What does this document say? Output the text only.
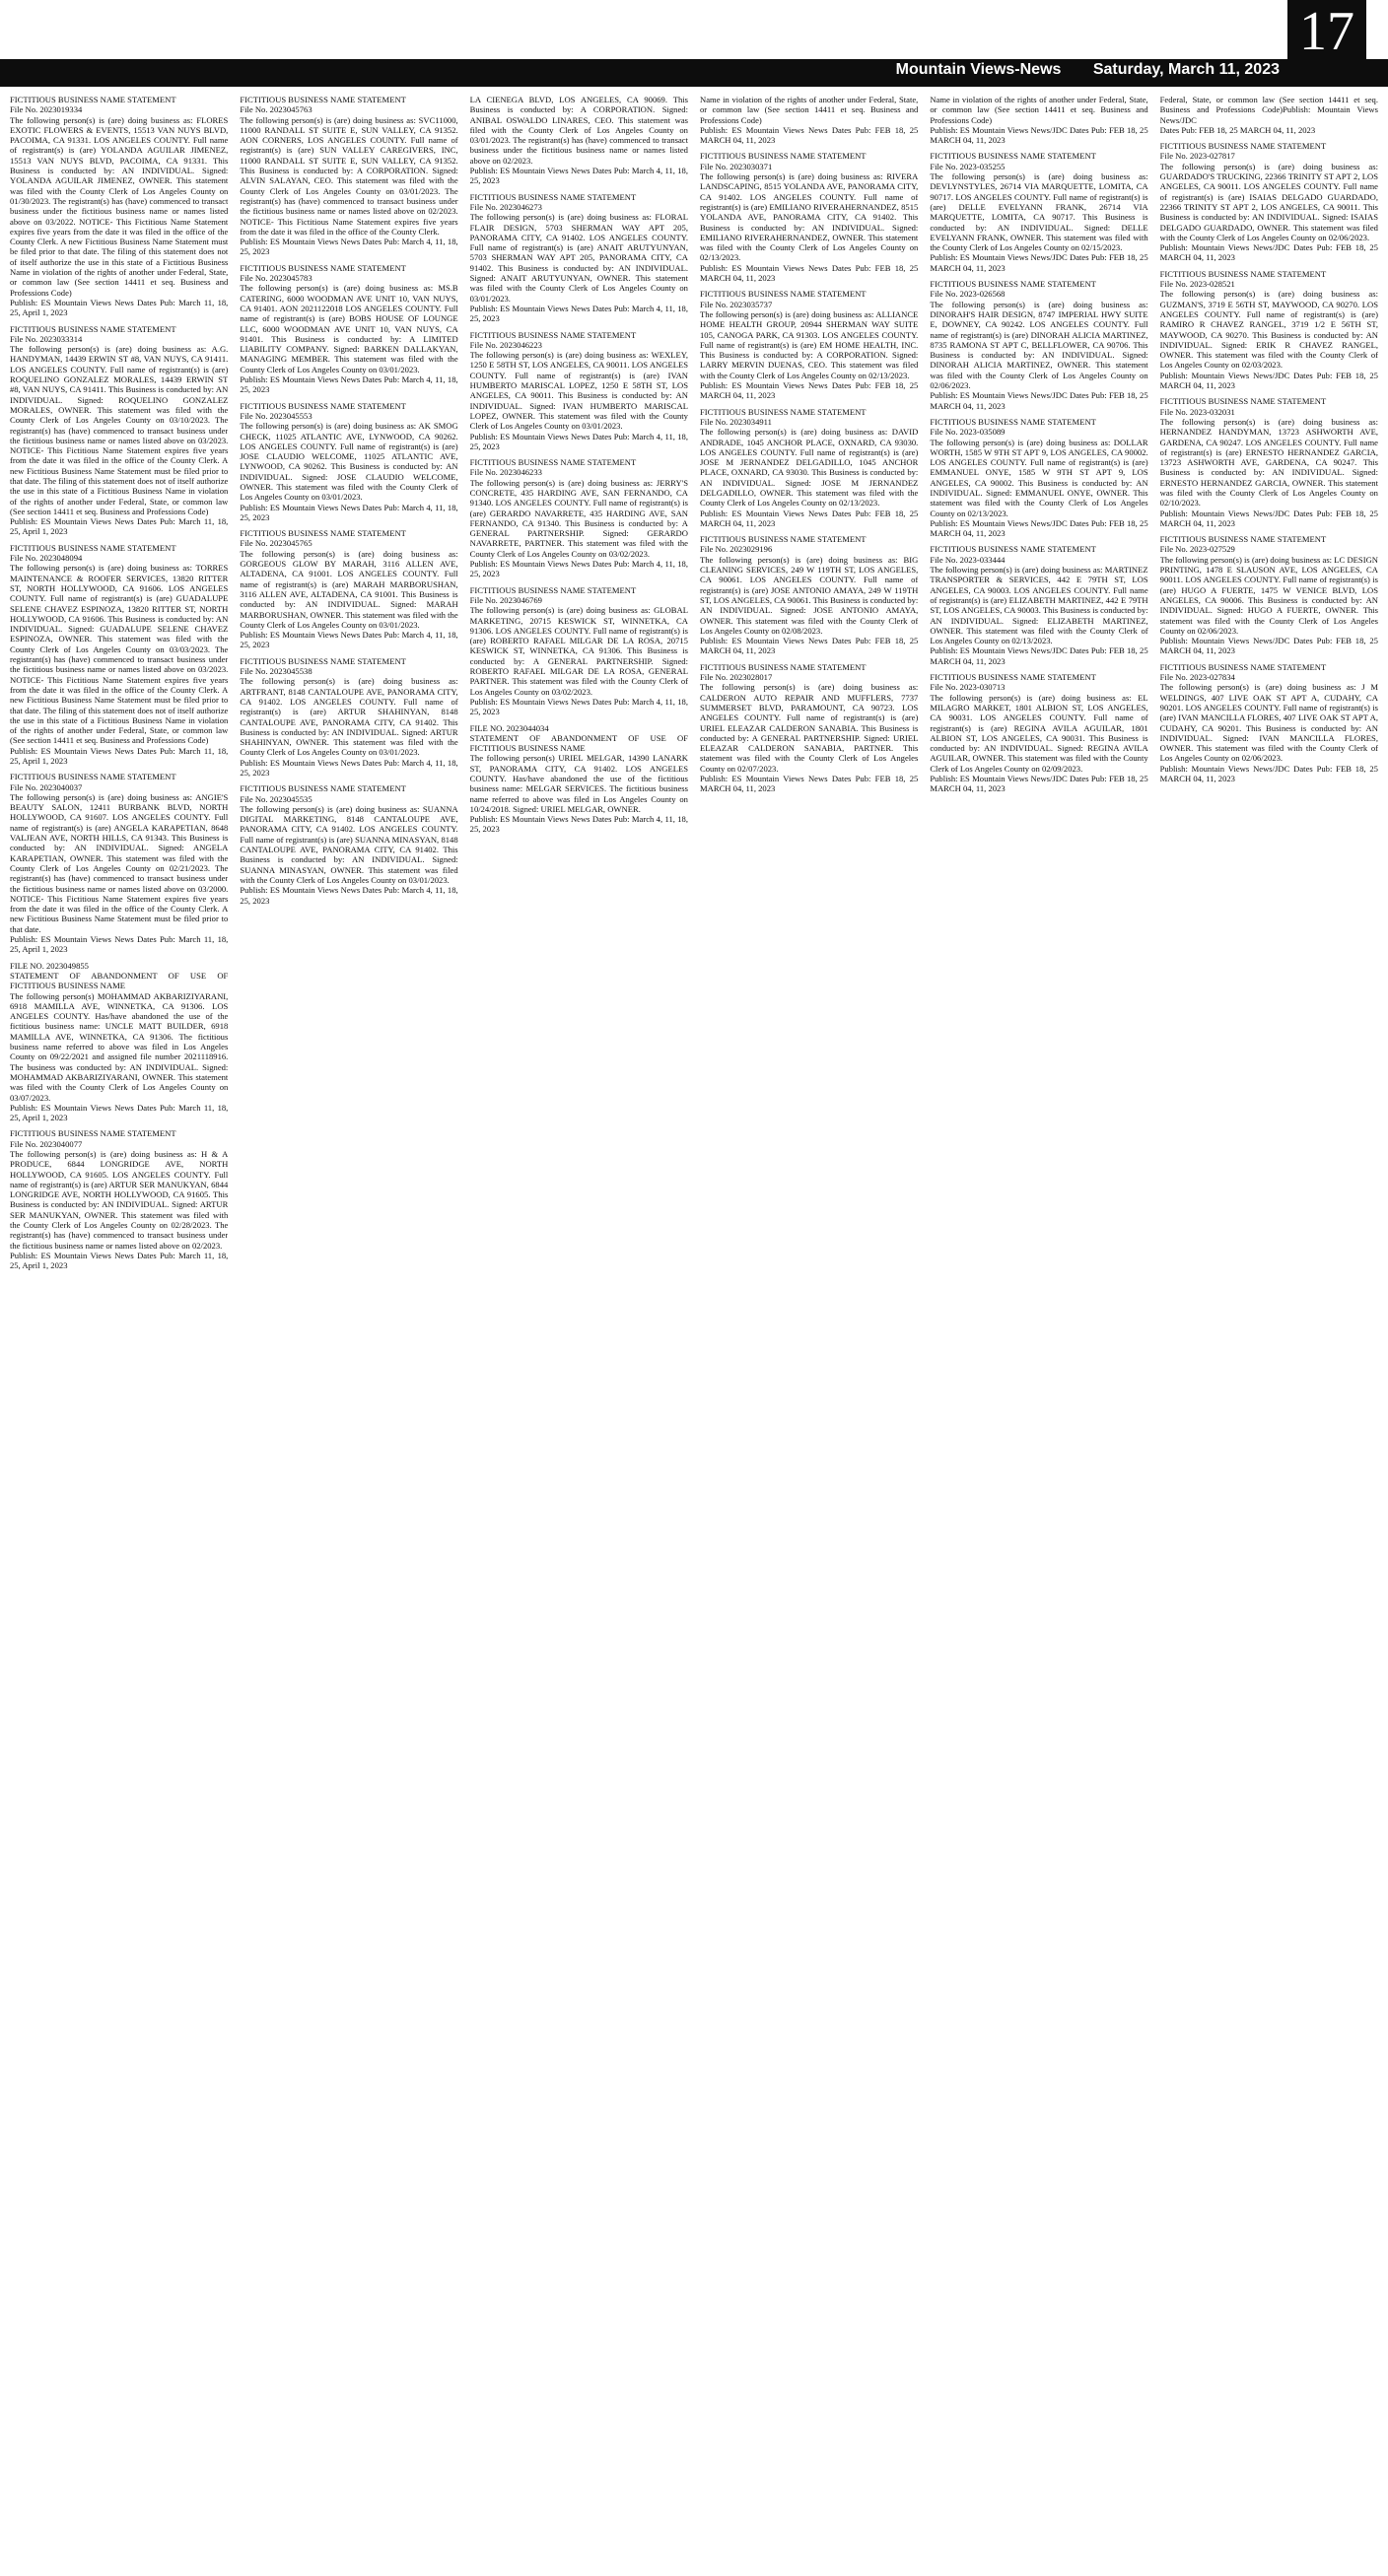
Mountain Views-News Saturday, March 11, 2023
17
FICTITIOUS BUSINESS NAME STATEMENT
File No. 2023019334
The following person(s) is (are) doing business as: FLORES EXOTIC FLOWERS & EVENTS, 15513 VAN NUYS BLVD, PACOIMA, CA 91331. LOS ANGELES COUNTY. Full name of registrant(s) is (are) YOLANDA AGUILAR JIMENEZ, 15513 VAN NUYS BLVD, PACOIMA, CA 91331. This Business is conducted by: AN INDIVIDUAL. Signed: YOLANDA AGUILAR JIMENEZ, OWNER. This statement was filed with the County Clerk of Los Angeles County on 01/30/2023. The registrant(s) has (have) commenced to transact business under the fictitious business name or names listed above on 03/2022. NOTICE- This Fictitious Name Statement expires five years from the date it was filed in the office of the County Clerk. A new Fictitious Business Name Statement must be filed prior to that date. The filing of this statement does not of itself authorize the use in this state of a Fictitious Business Name in violation of the rights of another under Federal, State, or common law (See section 14411 et seq. Business and Professions Code)
Publish: ES Mountain Views News Dates Pub: March 11, 18, 25, April 1, 2023
FICTITIOUS BUSINESS NAME STATEMENT
File No. 2023033314
The following person(s) is (are) doing business as: A.G. HANDYMAN, 14439 ERWIN ST #8, VAN NUYS, CA 91411. LOS ANGELES COUNTY. Full name of registrant(s) is (are) ROQUELINO GONZALEZ MORALES, 14439 ERWIN ST #8, VAN NUYS, CA 91411. This Business is conducted by: AN INDIVIDUAL. Signed: ROQUELINO GONZALEZ MORALES, OWNER. This statement was filed with the County Clerk of Los Angeles County on 03/10/2023. The registrant(s) has (have) commenced to transact business under the fictitious business name or names listed above on 03/2023. NOTICE- This Fictitious Name Statement expires five years from the date it was filed in the office of the County Clerk. A new Fictitious Business Name Statement must be filed prior to that date. The filing of this statement does not of itself authorize the use in this state of a Fictitious Business Name in violation of the rights of another under Federal, State, or common law (See section 14411 et seq. Business and Professions Code)
Publish: ES Mountain Views News Dates Pub: March 11, 18, 25, April 1, 2023
FICTITIOUS BUSINESS NAME STATEMENT
File No. 2023048094
The following person(s) is (are) doing business as: TORRES MAINTENANCE & ROOFER SERVICES, 13820 RITTER ST, NORTH HOLLYWOOD, CA 91606. LOS ANGELES COUNTY. Full name of registrant(s) is (are) GUADALUPE SELENE CHAVEZ ESPINOZA, 13820 RITTER ST, NORTH HOLLYWOOD, CA 91606. This Business is conducted by: AN INDIVIDUAL. Signed: GUADALUPE SELENE CHAVEZ ESPINOZA, OWNER. This statement was filed with the County Clerk of Los Angeles County on 03/03/2023. The registrant(s) has (have) commenced to transact business under the fictitious business name or names listed above on 03/2023. NOTICE- This Fictitious Name Statement expires five years from the date it was filed in the office of the County Clerk. A new Fictitious Business Name Statement must be filed prior to that date. The filing of this statement does not of itself authorize the use in this state of a Fictitious Business Name in violation of the rights of another under Federal, State, or common law (See section 14411 et seq. Business and Professions Code)
Publish: ES Mountain Views News Dates Pub: March 11, 18, 25, April 1, 2023
FICTITIOUS BUSINESS NAME STATEMENT
File No. 2023040037
The following person(s) is (are) doing business as: ANGIE'S BEAUTY SALON, 12411 BURBANK BLVD, NORTH HOLLYWOOD, CA 91607. LOS ANGELES COUNTY. Full name of registrant(s) is (are) ANGELA KARAPETIAN, 8648 VALJEAN AVE, NORTH HILLS, CA 91343. This Business is conducted by: AN INDIVIDUAL. Signed: ANGELA KARAPETIAN, OWNER. This statement was filed with the County Clerk of Los Angeles County on 02/21/2023. The registrant(s) has (have) commenced to transact business under the fictitious business name or names listed above on 03/2000. NOTICE- This Fictitious Name Statement expires five years from the date it was filed in the office of the County Clerk. A new Fictitious Business Name Statement must be filed prior to that date.
Publish: ES Mountain Views News Dates Pub: March 11, 18, 25, April 1, 2023
FILE NO. 2023049855
STATEMENT OF ABANDONMENT OF USE OF FICTITIOUS BUSINESS NAME
The following person(s) MOHAMMAD AKBARIZIYARANI, 6918 MAMILLA AVE, WINNETKA, CA 91306. LOS ANGELES COUNTY. Has/have abandoned the use of the fictitious business name: UNCLE MATT BUILDER, 6918 MAMILLA AVE, WINNETKA, CA 91306. The fictitious business name referred to above was filed in Los Angeles County on 09/22/2021 and assigned file number 2021118916. The business was conducted by: AN INDIVIDUAL. Signed: MOHAMMAD AKBARIZIYARANI, OWNER. This statement was filed with the County Clerk of Los Angeles County on 03/07/2023.
Publish: ES Mountain Views News Dates Pub: March 11, 18, 25, April 1, 2023
FICTITIOUS BUSINESS NAME STATEMENT
File No. 2023040077
The following person(s) is (are) doing business as: H & A PRODUCE, 6844 LONGRIDGE AVE, NORTH HOLLYWOOD, CA 91605. LOS ANGELES COUNTY. Full name of registrant(s) is (are) ARTUR SER MANUKYAN, 6844 LONGRIDGE AVE, NORTH HOLLYWOOD, CA 91605. This Business is conducted by: AN INDIVIDUAL. Signed: ARTUR SER MANUKYAN, OWNER. This statement was filed with the County Clerk of Los Angeles County on 02/28/2023. The registrant(s) has (have) commenced to transact business under the fictitious business name or names listed above on 02/2023.
Publish: ES Mountain Views News Dates Pub: March 11, 18, 25, April 1, 2023
FICTITIOUS BUSINESS NAME STATEMENT
File No. 2023045763
The following person(s) is (are) doing business as: SVC11000, 11000 RANDALL ST SUITE E, SUN VALLEY, CA 91352. AON CORNERS, LOS ANGELES COUNTY. Full name of registrant(s) is (are) SUN VALLEY CAREGIVERS, INC, 11000 RANDALL ST SUITE E, SUN VALLEY, CA 91352. This Business is conducted by: A CORPORATION. Signed: ALVIN SALAYAN, CEO. This statement was filed with the County Clerk of Los Angeles County on 03/01/2023. The registrant(s) has (have) commenced to transact business under the fictitious business name or names listed above on 02/2023. NOTICE- This Fictitious Name Statement expires five years from the date it was filed in the office of the County Clerk.
Publish: ES Mountain Views News Dates Pub: March 4, 11, 18, 25, 2023
FICTITIOUS BUSINESS NAME STATEMENT
File No. 2023045783
The following person(s) is (are) doing business as: MS.B CATERING, 6000 WOODMAN AVE UNIT 10, VAN NUYS, CA 91401. AON 2021122018 LOS ANGELES COUNTY. Full name of registrant(s) is (are) BOBS HOUSE OF LOUNGE LLC, 6000 WOODMAN AVE UNIT 10, VAN NUYS, CA 91401. This Business is conducted by: A LIMITED LIABILITY COMPANY. Signed: BARKEN DALLAKYAN, MANAGING MEMBER. This statement was filed with the County Clerk of Los Angeles County on 03/01/2023.
Publish: ES Mountain Views News Dates Pub: March 4, 11, 18, 25, 2023
FICTITIOUS BUSINESS NAME STATEMENT
File No. 2023045553
The following person(s) is (are) doing business as: AK SMOG CHECK, 11025 ATLANTIC AVE, LYNWOOD, CA 90262. LOS ANGELES COUNTY. Full name of registrant(s) is (are) JOSE CLAUDIO WELCOME, 11025 ATLANTIC AVE, LYNWOOD, CA 90262. This Business is conducted by: AN INDIVIDUAL. Signed: JOSE CLAUDIO WELCOME, OWNER. This statement was filed with the County Clerk of Los Angeles County on 03/01/2023.
Publish: ES Mountain Views News Dates Pub: March 4, 11, 18, 25, 2023
FICTITIOUS BUSINESS NAME STATEMENT
File No. 2023045765
The following person(s) is (are) doing business as: GORGEOUS GLOW BY MARAH, 3116 ALLEN AVE, ALTADENA, CA 91001. LOS ANGELES COUNTY. Full name of registrant(s) is (are) MARAH MARBORUSHAN, 3116 ALLEN AVE, ALTADENA, CA 91001. This Business is conducted by: AN INDIVIDUAL. Signed: MARAH MARBORUSHAN, OWNER. This statement was filed with the County Clerk of Los Angeles County on 03/01/2023.
Publish: ES Mountain Views News Dates Pub: March 4, 11, 18, 25, 2023
FICTITIOUS BUSINESS NAME STATEMENT
File No. 2023045538
The following person(s) is (are) doing business as: ARTFRANT, 8148 CANTALOUPE AVE, PANORAMA CITY, CA 91402. LOS ANGELES COUNTY. Full name of registrant(s) is (are) ARTUR SHAHINYAN, 8148 CANTALOUPE AVE, PANORAMA CITY, CA 91402. This Business is conducted by: AN INDIVIDUAL. Signed: ARTUR SHAHINYAN, OWNER. This statement was filed with the County Clerk of Los Angeles County on 03/01/2023.
Publish: ES Mountain Views News Dates Pub: March 4, 11, 18, 25, 2023
FICTITIOUS BUSINESS NAME STATEMENT
File No. 2023045535
The following person(s) is (are) doing business as: SUANNA DIGITAL MARKETING, 8148 CANTALOUPE AVE, PANORAMA CITY, CA 91402. LOS ANGELES COUNTY. Full name of registrant(s) is (are) SUANNA MINASYAN, 8148 CANTALOUPE AVE, PANORAMA CITY, CA 91402. This Business is conducted by: AN INDIVIDUAL. Signed: SUANNA MINASYAN, OWNER. This statement was filed with the County Clerk of Los Angeles County on 03/01/2023.
Publish: ES Mountain Views News Dates Pub: March 4, 11, 18, 25, 2023
LA CIENEGA BLVD, LOS ANGELES, CA 90069. This Business is conducted by: A CORPORATION. Signed: ANIBAL OSWALDO LINARES, CEO. This statement was filed with the County Clerk of Los Angeles County on 03/01/2023. The registrant(s) has (have) commenced to transact business under the fictitious business name or names listed above on 02/2023.
Publish: ES Mountain Views News Dates Pub: March 4, 11, 18, 25, 2023
FICTITIOUS BUSINESS NAME STATEMENT
File No. 2023046273
The following person(s) is (are) doing business as: FLORAL FLAIR DESIGN, 5703 SHERMAN WAY APT 205, PANORAMA CITY, CA 91402. LOS ANGELES COUNTY. Full name of registrant(s) is (are) ANAIT ARUTYUNYAN, 5703 SHERMAN WAY APT 205, PANORAMA CITY, CA 91402. This Business is conducted by: AN INDIVIDUAL. Signed: ANAIT ARUTYUNYAN, OWNER. This statement was filed with the County Clerk of Los Angeles County on 03/01/2023.
Publish: ES Mountain Views News Dates Pub: March 4, 11, 18, 25, 2023
FICTITIOUS BUSINESS NAME STATEMENT
File No. 2023046223
The following person(s) is (are) doing business as: WEXLEY, 1250 E 58TH ST, LOS ANGELES, CA 90011. LOS ANGELES COUNTY. Full name of registrant(s) is (are) IVAN HUMBERTO MARISCAL LOPEZ, 1250 E 58TH ST, LOS ANGELES, CA 90011. This Business is conducted by: AN INDIVIDUAL. Signed: IVAN HUMBERTO MARISCAL LOPEZ, OWNER. This statement was filed with the County Clerk of Los Angeles County on 03/01/2023.
Publish: ES Mountain Views News Dates Pub: March 4, 11, 18, 25, 2023
FICTITIOUS BUSINESS NAME STATEMENT
File No. 2023046233
The following person(s) is (are) doing business as: JERRY'S CONCRETE, 435 HARDING AVE, SAN FERNANDO, CA 91340. LOS ANGELES COUNTY. Full name of registrant(s) is (are) GERARDO NAVARRETE, 435 HARDING AVE, SAN FERNANDO, CA 91340. This Business is conducted by: A GENERAL PARTNERSHIP. Signed: GERARDO NAVARRETE, PARTNER. This statement was filed with the County Clerk of Los Angeles County on 03/02/2023.
Publish: ES Mountain Views News Dates Pub: March 4, 11, 18, 25, 2023
FICTITIOUS BUSINESS NAME STATEMENT
File No. 2023046769
The following person(s) is (are) doing business as: GLOBAL MARKETING, 20715 KESWICK ST, WINNETKA, CA 91306. LOS ANGELES COUNTY. Full name of registrant(s) is (are) ROBERTO RAFAEL MILGAR DE LA ROSA, 20715 KESWICK ST, WINNETKA, CA 91306. This Business is conducted by: A GENERAL PARTNERSHIP. Signed: ROBERTO RAFAEL MILGAR DE LA ROSA, GENERAL PARTNER. This statement was filed with the County Clerk of Los Angeles County on 03/02/2023.
Publish: ES Mountain Views News Dates Pub: March 4, 11, 18, 25, 2023
FILE NO. 2023044034
STATEMENT OF ABANDONMENT OF USE OF FICTITIOUS BUSINESS NAME
The following person(s) URIEL MELGAR, 14390 LANARK ST, PANORAMA CITY, CA 91402. LOS ANGELES COUNTY. Has/have abandoned the use of the fictitious business name: MELGAR SERVICES. The fictitious business name referred to above was filed in Los Angeles County on 10/24/2018. Signed: URIEL MELGAR, OWNER.
Publish: ES Mountain Views News Dates Pub: March 4, 11, 18, 25, 2023
Name in violation of the rights of another under Federal, State, or common law (See section 14411 et seq. Business and Professions Code)
Publish: ES Mountain Views News Dates Pub: FEB 18, 25 MARCH 04, 11, 2023
FICTITIOUS BUSINESS NAME STATEMENT
File No. 2023030371
The following person(s) is (are) doing business as: RIVERA LANDSCAPING, 8515 YOLANDA AVE, PANORAMA CITY, CA 91402. LOS ANGELES COUNTY. Full name of registrant(s) is (are) EMILIANO RIVERAHERNANDEZ, 8515 YOLANDA AVE, PANORAMA CITY, CA 91402. This Business is conducted by: AN INDIVIDUAL. Signed: EMILIANO RIVERAHERNANDEZ, OWNER. This statement was filed with the County Clerk of Los Angeles County on 02/13/2023.
Publish: ES Mountain Views News Dates Pub: FEB 18, 25 MARCH 04, 11, 2023
FICTITIOUS BUSINESS NAME STATEMENT
File No. 2023035737
The following person(s) is (are) doing business as: ALLIANCE HOME HEALTH GROUP, 20944 SHERMAN WAY SUITE 105, CANOGA PARK, CA 91303. LOS ANGELES COUNTY. Full name of registrant(s) is (are) EM HOME HEALTH, INC. This Business is conducted by: A CORPORATION. Signed: LARRY MERVIN DUENAS, CEO. This statement was filed with the County Clerk of Los Angeles County on 02/13/2023.
Publish: ES Mountain Views News Dates Pub: FEB 18, 25 MARCH 04, 11, 2023
FICTITIOUS BUSINESS NAME STATEMENT
File No. 2023034911
The following person(s) is (are) doing business as: DAVID ANDRADE, 1045 ANCHOR PLACE, OXNARD, CA 93030. LOS ANGELES COUNTY. Full name of registrant(s) is (are) JOSE M JERNANDEZ DELGADILLO, 1045 ANCHOR PLACE, OXNARD, CA 93030. This Business is conducted by: AN INDIVIDUAL. Signed: JOSE M JERNANDEZ DELGADILLO, OWNER. This statement was filed with the County Clerk of Los Angeles County on 02/13/2023.
Publish: ES Mountain Views News Dates Pub: FEB 18, 25 MARCH 04, 11, 2023
FICTITIOUS BUSINESS NAME STATEMENT
File No. 2023029196
The following person(s) is (are) doing business as: BIG CLEANING SERVICES, 249 W 119TH ST, LOS ANGELES, CA 90061. LOS ANGELES COUNTY. Full name of registrant(s) is (are) JOSE ANTONIO AMAYA, 249 W 119TH ST, LOS ANGELES, CA 90061. This Business is conducted by: AN INDIVIDUAL. Signed: JOSE ANTONIO AMAYA, OWNER. This statement was filed with the County Clerk of Los Angeles County on 02/08/2023.
Publish: ES Mountain Views News Dates Pub: FEB 18, 25 MARCH 04, 11, 2023
FICTITIOUS BUSINESS NAME STATEMENT
File No. 2023028017
The following person(s) is (are) doing business as: CALDERON AUTO REPAIR AND MUFFLERS, 7737 SUMMERSET BLVD, PARAMOUNT, CA 90723. LOS ANGELES COUNTY. Full name of registrant(s) is (are) URIEL ELEAZAR CALDERON SANABIA. This Business is conducted by: A GENERAL PARTNERSHIP. Signed: URIEL ELEAZAR CALDERON SANABIA, PARTNER. This statement was filed with the County Clerk of Los Angeles County on 02/07/2023.
Publish: ES Mountain Views News Dates Pub: FEB 18, 25 MARCH 04, 11, 2023
Name in violation of the rights of another under Federal, State, or common law (See section 14411 et seq. Business and Professions Code)
Publish: ES Mountain Views News/JDC Dates Pub: FEB 18, 25 MARCH 04, 11, 2023
FICTITIOUS BUSINESS NAME STATEMENT
File No. 2023-035255
The following person(s) is (are) doing business as: DEVLYNSTYLES, 26714 VIA MARQUETTE, LOMITA, CA 90717. LOS ANGELES COUNTY. Full name of registrant(s) is (are) DELLE EVELYANN FRANK, 26714 VIA MARQUETTE, LOMITA, CA 90717. This Business is conducted by: AN INDIVIDUAL. Signed: DELLE EVELYANN FRANK, OWNER. This statement was filed with the County Clerk of Los Angeles County on 02/15/2023.
Publish: ES Mountain Views News/JDC Dates Pub: FEB 18, 25 MARCH 04, 11, 2023
FICTITIOUS BUSINESS NAME STATEMENT
File No. 2023-026568
The following person(s) is (are) doing business as: DINORAH'S HAIR DESIGN, 8747 IMPERIAL HWY SUITE E, DOWNEY, CA 90242. LOS ANGELES COUNTY. Full name of registrant(s) is (are) DINORAH ALICIA MARTINEZ, 8735 RAMONA ST APT C, BELLFLOWER, CA 90706. This Business is conducted by: AN INDIVIDUAL. Signed: DINORAH ALICIA MARTINEZ, OWNER. This statement was filed with the County Clerk of Los Angeles County on 02/06/2023.
Publish: ES Mountain Views News/JDC Dates Pub: FEB 18, 25 MARCH 04, 11, 2023
FICTITIOUS BUSINESS NAME STATEMENT
File No. 2023-035089
The following person(s) is (are) doing business as: DOLLAR WORTH, 1585 W 9TH ST APT 9, LOS ANGELES, CA 90002. LOS ANGELES COUNTY. Full name of registrant(s) is (are) EMMANUEL ONYE, 1585 W 9TH ST APT 9, LOS ANGELES, CA 90002. This Business is conducted by: AN INDIVIDUAL. Signed: EMMANUEL ONYE, OWNER. This statement was filed with the County Clerk of Los Angeles County on 02/13/2023.
Publish: ES Mountain Views News/JDC Dates Pub: FEB 18, 25 MARCH 04, 11, 2023
FICTITIOUS BUSINESS NAME STATEMENT
File No. 2023-033444
The following person(s) is (are) doing business as: MARTINEZ TRANSPORTER & SERVICES, 442 E 79TH ST, LOS ANGELES, CA 90003. LOS ANGELES COUNTY. Full name of registrant(s) is (are) ELIZABETH MARTINEZ, 442 E 79TH ST, LOS ANGELES, CA 90003. This Business is conducted by: AN INDIVIDUAL. Signed: ELIZABETH MARTINEZ, OWNER. This statement was filed with the County Clerk of Los Angeles County on 02/13/2023.
Publish: ES Mountain Views News/JDC Dates Pub: FEB 18, 25 MARCH 04, 11, 2023
FICTITIOUS BUSINESS NAME STATEMENT
File No. 2023-030713
The following person(s) is (are) doing business as: EL MILAGRO MARKET, 1801 ALBION ST, LOS ANGELES, CA 90031. LOS ANGELES COUNTY. Full name of registrant(s) is (are) REGINA AVILA AGUILAR, 1801 ALBION ST, LOS ANGELES, CA 90031. This Business is conducted by: AN INDIVIDUAL. Signed: REGINA AVILA AGUILAR, OWNER. This statement was filed with the County Clerk of Los Angeles County on 02/09/2023.
Publish: ES Mountain Views News/JDC Dates Pub: FEB 18, 25 MARCH 04, 11, 2023
Federal, State, or common law (See section 14411 et seq. Business and Professions Code)Publish: Mountain Views News/JDC
Dates Pub: FEB 18, 25 MARCH 04, 11, 2023
FICTITIOUS BUSINESS NAME STATEMENT
File No. 2023-027817
The following person(s) is (are) doing business as: GUARDADO'S TRUCKING, 22366 TRINITY ST APT 2, LOS ANGELES, CA 90011. LOS ANGELES COUNTY. Full name of registrant(s) is (are) ISAIAS DELGADO GUARDADO, 22366 TRINITY ST APT 2, LOS ANGELES, CA 90011. This Business is conducted by: AN INDIVIDUAL. Signed: ISAIAS DELGADO GUARDADO, OWNER. This statement was filed with the County Clerk of Los Angeles County on 02/06/2023.
Publish: Mountain Views News/JDC Dates Pub: FEB 18, 25 MARCH 04, 11, 2023
FICTITIOUS BUSINESS NAME STATEMENT
File No. 2023-028521
The following person(s) is (are) doing business as: GUZMAN'S, 3719 E 56TH ST, MAYWOOD, CA 90270. LOS ANGELES COUNTY. Full name of registrant(s) is (are) RAMIRO R CHAVEZ RANGEL, 3719 1/2 E 56TH ST, MAYWOOD, CA 90270. This Business is conducted by: AN INDIVIDUAL. Signed: ERIK R CHAVEZ RANGEL, OWNER. This statement was filed with the County Clerk of Los Angeles County on 02/03/2023.
Publish: Mountain Views News/JDC Dates Pub: FEB 18, 25 MARCH 04, 11, 2023
FICTITIOUS BUSINESS NAME STATEMENT
File No. 2023-032031
The following person(s) is (are) doing business as: HERNANDEZ HANDYMAN, 13723 ASHWORTH AVE, GARDENA, CA 90247. LOS ANGELES COUNTY. Full name of registrant(s) is (are) ERNESTO HERNANDEZ GARCIA, 13723 ASHWORTH AVE, GARDENA, CA 90247. This Business is conducted by: AN INDIVIDUAL. Signed: ERNESTO HERNANDEZ GARCIA, OWNER. This statement was filed with the County Clerk of Los Angeles County on 02/10/2023.
Publish: Mountain Views News/JDC Dates Pub: FEB 18, 25 MARCH 04, 11, 2023
FICTITIOUS BUSINESS NAME STATEMENT
File No. 2023-027529
The following person(s) is (are) doing business as: LC DESIGN PRINTING, 1478 E SLAUSON AVE, LOS ANGELES, CA 90011. LOS ANGELES COUNTY. Full name of registrant(s) is (are) HUGO A FUERTE, 1475 W VENICE BLVD, LOS ANGELES, CA 90006. This Business is conducted by: AN INDIVIDUAL. Signed: HUGO A FUERTE, OWNER. This statement was filed with the County Clerk of Los Angeles County on 02/06/2023.
Publish: Mountain Views News/JDC Dates Pub: FEB 18, 25 MARCH 04, 11, 2023
FICTITIOUS BUSINESS NAME STATEMENT
File No. 2023-027834
The following person(s) is (are) doing business as: J M WELDINGS, 407 LIVE OAK ST APT A, CUDAHY, CA 90201. LOS ANGELES COUNTY. Full name of registrant(s) is (are) IVAN MANCILLA FLORES, 407 LIVE OAK ST APT A, CUDAHY, CA 90201. This Business is conducted by: AN INDIVIDUAL. Signed: IVAN MANCILLA FLORES, OWNER. This statement was filed with the County Clerk of Los Angeles County on 02/06/2023.
Publish: Mountain Views News/JDC Dates Pub: FEB 18, 25 MARCH 04, 11, 2023
